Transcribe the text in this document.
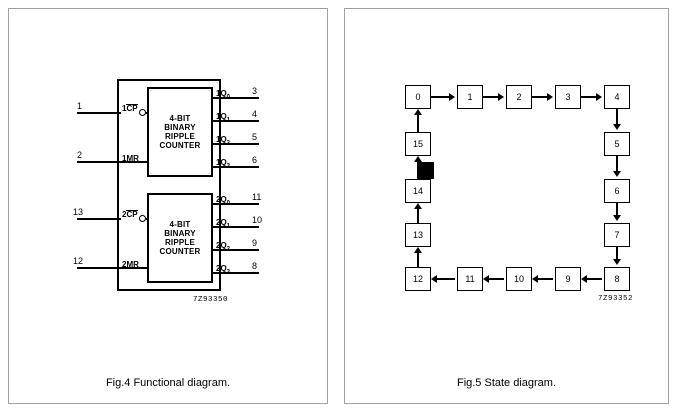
4-BIT
BINARY
RIPPLE
COUNTER
4-BIT
BINARY
RIPPLE
COUNTER
1	1CP
2	1MR
13	2CP
12	2MR
$1Q_0$
3
$1Q_1$
4
$1Q_2$
5
$1Q_3$
6
$2Q_0$
11
$2Q_1$
10
$2Q_2$
9
$2Q_3$
8
7Z93350
Fig.4 Functional diagram.
0	1	2	3	4
5
6
7
8
9
10
11
12
13
14
15
7Z93352
Fig.5 State diagram.
